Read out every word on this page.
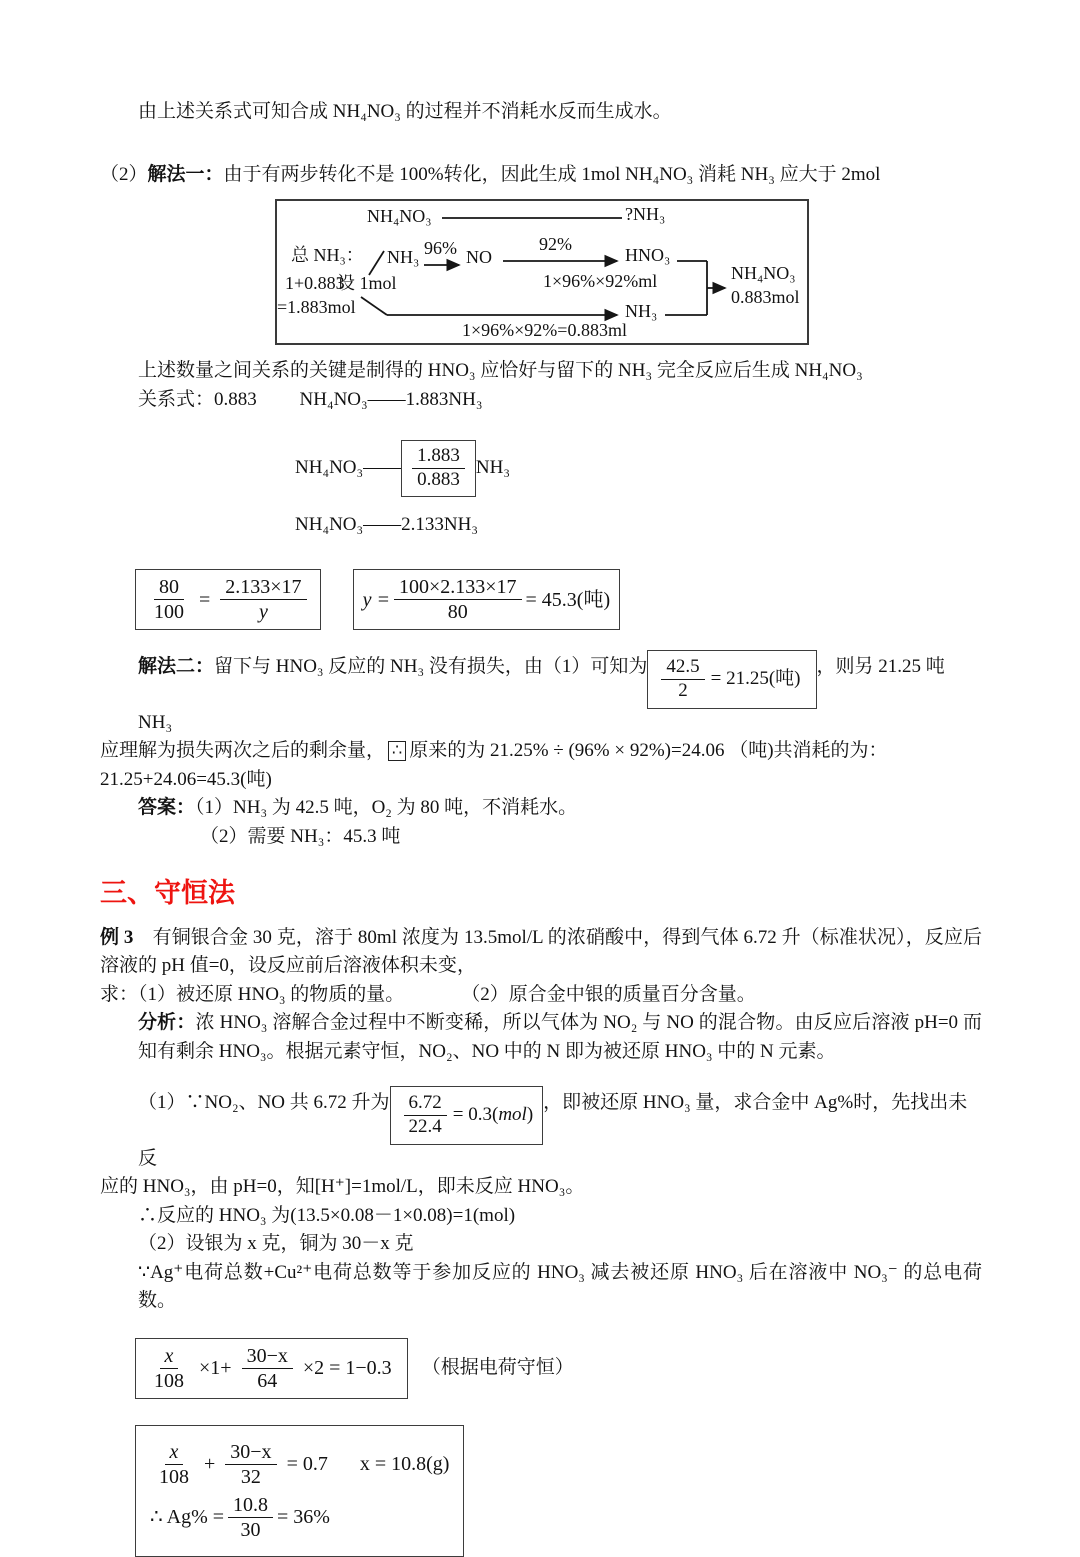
由上述关系式可知合成 NH₄NO₃ 的过程并不消耗水反而生成水。

（2）解法一：由于有两步转化不是 100%转化，因此生成 1mol NH₄NO₃ 消耗 NH₃ 应大于 2mol

NH₄NO₃	?NH₃
总 NH₃：
1+0.883
=1.883mol
NH₃
设 1mol
96% NO
92%
HNO₃
1×96%×92%ml
NH₃
1×96%×92%=0.883ml
NH₄NO₃
0.883mol

上述数量之间关系的关键是制得的 HNO₃ 应恰好与留下的 NH₃ 完全反应后生成 NH₄NO₃

关系式：0.883　　 NH₄NO₃——1.883NH₃

NH₄NO₃—— $\frac{1.883}{0.883} NH_3$

NH₄NO₃——2.133NH₃

$\frac{80}{100} = \frac{2.133\times 17}{y}$	$y = \frac{100\times 2.133\times 17}{80} = 45.3$(吨)

解法二：留下与 HNO₃ 反应的 NH₃ 没有损失，由（1）可知为 $\frac{42.5}{2} = 21.25$(吨)
，则另 21.25 吨 NH₃

应理解为损失两次之后的剩余量， ∴ 原来的为 21.25% ÷ (96% × 92%)=24.06 （吨)共消耗的为：

21.25+24.06=45.3(吨)

答案：（1）NH₃ 为 42.5 吨，O₂ 为 80 吨，不消耗水。

（2）需要 NH₃：45.3 吨

三、守恒法

例 3　有铜银合金 30 克，溶于 80ml 浓度为 13.5mol/L 的浓硝酸中，得到气体 6.72 升（标准状况），反应后溶液的 pH 值=0，设反应前后溶液体积未变，

求：（1）被还原 HNO₃ 的物质的量。　　　　（2）原合金中银的质量百分含量。

分析：浓 HNO₃ 溶解合金过程中不断变稀，所以气体为 NO₂ 与 NO 的混合物。由反应后溶液 pH=0 而知有剩余 HNO₃。根据元素守恒，NO₂、NO 中的 N 即为被还原 HNO₃ 中的 N 元素。

（1）∵NO₂、NO 共 6.72 升为 $\frac{6.72}{22.4} = 0.3$( mol )
，即被还原 HNO₃ 量，求合金中 Ag%时，先找出未反

应的 HNO₃，由 pH=0，知[H⁺]=1mol/L，即未反应 HNO₃。

∴反应的 HNO₃ 为(13.5×0.08－1×0.08)=1(mol)

（2）设银为 x 克，铜为 30－x 克

∵Ag⁺电荷总数+Cu²⁺电荷总数等于参加反应的 HNO₃ 减去被还原 HNO₃ 后在溶液中 NO₃⁻ 的总电荷数。

$\frac{x}{108} \times 1+ \frac{30-x}{64} \times 2 = 1-0.3$ （根据电荷守恒）
$\frac{x}{108} + \frac{30-x}{32} = 0.7$ x = 10.8(g)
∴ $Ag\% = \frac{10.8}{30} = 36\%$
